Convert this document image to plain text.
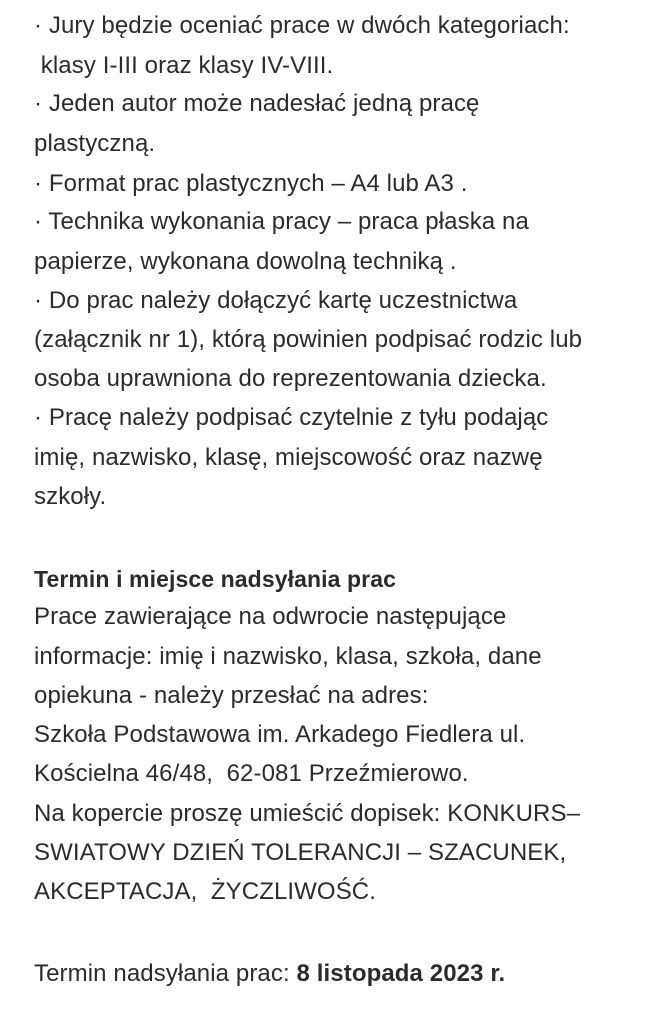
· Jury będzie oceniać prace w dwóch kategoriach:
klasy I-III oraz klasy IV-VIII.
· Jeden autor może nadesłać jedną pracę
plastyczną.
· Format prac plastycznych – A4 lub A3 .
· Technika wykonania pracy – praca płaska na
papierze, wykonana dowolną techniką .
· Do prac należy dołączyć kartę uczestnictwa
(załącznik nr 1), którą powinien podpisać rodzic lub
osoba uprawniona do reprezentowania dziecka.
· Pracę należy podpisać czytelnie z tyłu podając
imię, nazwisko, klasę, miejscowość oraz nazwę
szkoły.
Termin i miejsce nadsyłania prac
Prace zawierające na odwrocie następujące
informacje: imię i nazwisko, klasa, szkoła, dane
opiekuna - należy przesłać na adres:
Szkoła Podstawowa im. Arkadego Fiedlera ul.
Kościelna 46/48,  62-081 Przeźmierowo.
Na kopercie proszę umieścić dopisek: KONKURS–
SWIATOWY DZIEŃ TOLERANCJI – SZACUNEK,
AKCEPTACJA,  ŻYCZLIWOŚĆ.
Termin nadsyłania prac: 8 listopada 2023 r.
